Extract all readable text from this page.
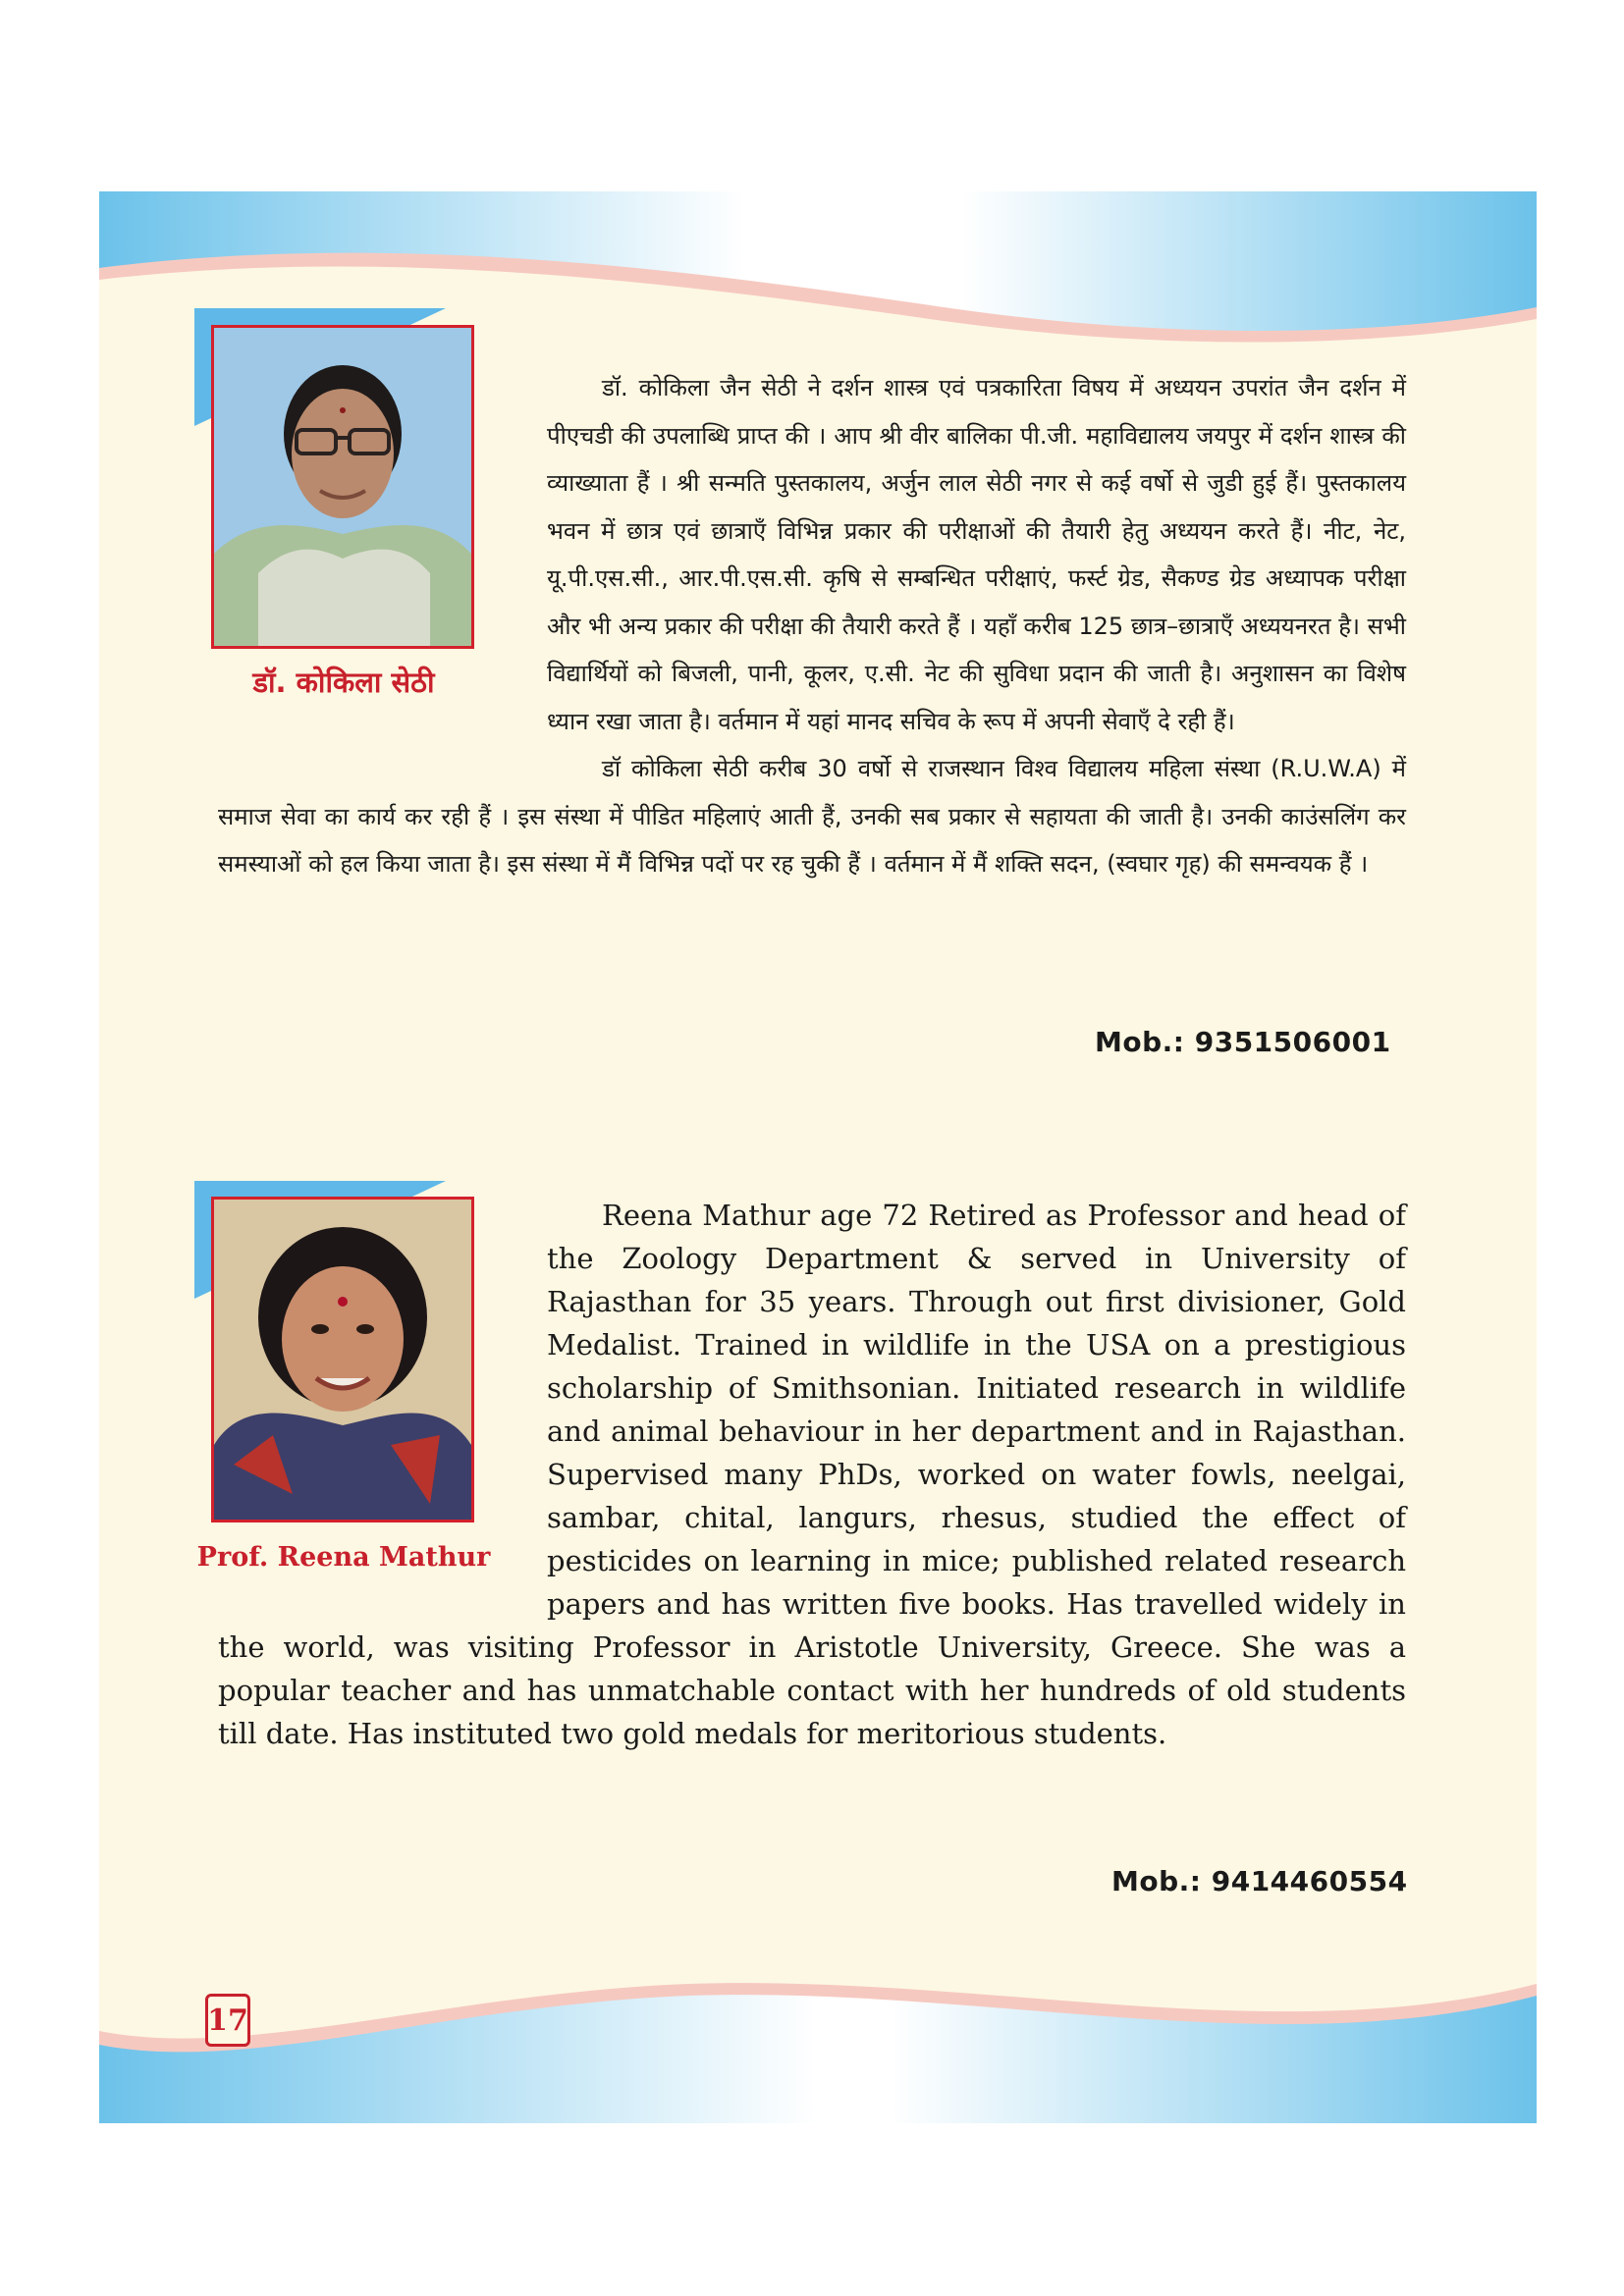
डॉ. कोकिला सेठी

डॉ. कोकिला जैन सेठी ने दर्शन शास्त्र एवं पत्रकारिता विषय में अध्ययन उपरांत जैन दर्शन में पीएचडी की उपलाब्धि प्राप्त की । आप श्री वीर बालिका पी.जी. महाविद्यालय जयपुर में दर्शन शास्त्र की व्याख्याता हैं । श्री सन्मति पुस्तकालय, अर्जुन लाल सेठी नगर से कई वर्षो से जुडी हुई हैं। पुस्तकालय भवन में छात्र एवं छात्राएँ विभिन्न प्रकार की परीक्षाओं की तैयारी हेतु अध्ययन करते हैं। नीट, नेट, यू.पी.एस.सी., आर.पी.एस.सी. कृषि से सम्बन्धित परीक्षाएं, फर्स्ट ग्रेड, सैकण्ड ग्रेड अध्यापक परीक्षा और भी अन्य प्रकार की परीक्षा की तैयारी करते हैं । यहॉं करीब 125 छात्र–छात्राएँ अध्ययनरत है। सभी विद्यार्थियों को बिजली, पानी, कूलर, ए.सी. नेट की सुविधा प्रदान की जाती है। अनुशासन का विशेष ध्यान रखा जाता है। वर्तमान में यहां मानद सचिव के रूप में अपनी सेवाएँ दे रही हैं।

डॉ कोकिला सेठी करीब 30 वर्षो से राजस्थान विश्व विद्यालय महिला संस्था (R.U.W.A) में समाज सेवा का कार्य कर रही हैं । इस संस्था में पीडित महिलाएं आती हैं, उनकी सब प्रकार से सहायता की जाती है। उनकी काउंसलिंग कर समस्याओं को हल किया जाता है। इस संस्था में मैं विभिन्न पदों पर रह चुकी हैं । वर्तमान में मैं शक्ति सदन, (स्वघार गृह) की समन्वयक हैं ।

Mob.: 9351506001
Prof. Reena Mathur

Reena Mathur age 72 Retired as Professor and head of the Zoology Department & served in University of Rajasthan for 35 years. Through out first divisioner, Gold Medalist. Trained in wildlife in the USA on a prestigious scholarship of Smithsonian. Initiated research in wildlife and animal behaviour in her department and in Rajasthan. Supervised many PhDs, worked on water fowls, neelgai, sambar, chital, langurs, rhesus, studied the effect of pesticides on learning in mice; published related research papers and has written five books. Has travelled widely in the world, was visiting Professor in Aristotle University, Greece. She was a popular teacher and has unmatchable contact with her hundreds of old students till date. Has instituted two gold medals for meritorious students.

Mob.: 9414460554
17
